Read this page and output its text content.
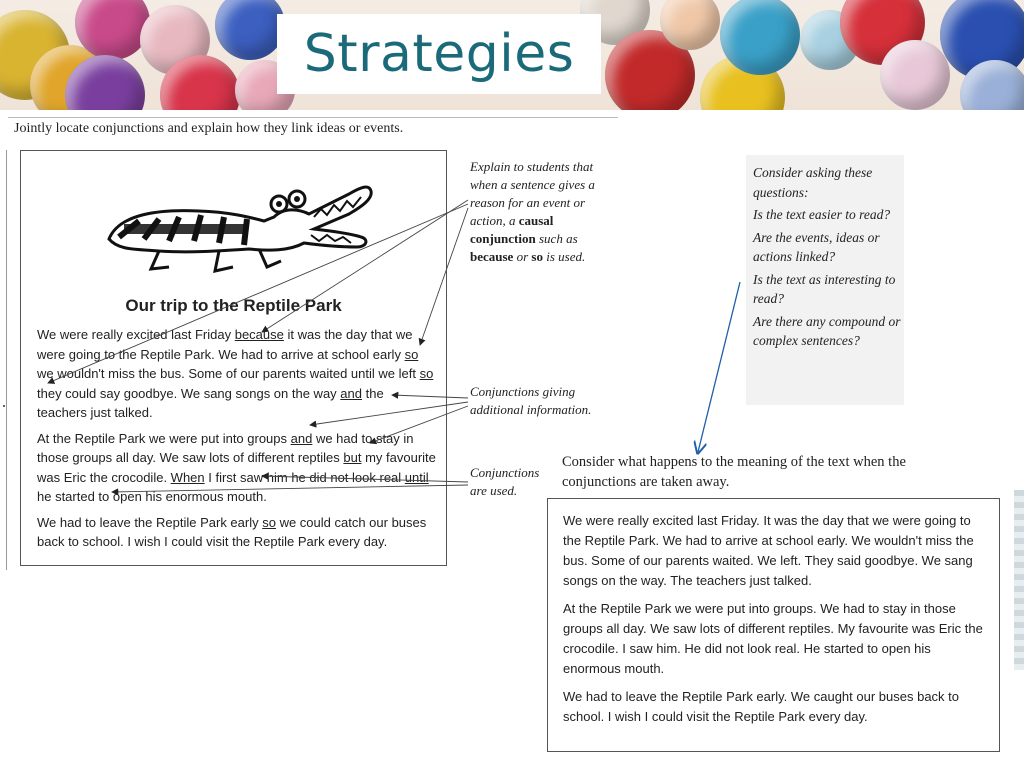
Strategies
Jointly locate conjunctions and explain how they link ideas or events.
Our trip to the Reptile Park

We were really excited last Friday because it was the day that we were going to the Reptile Park. We had to arrive at school early so we wouldn't miss the bus. Some of our parents waited until we left so they could say goodbye. We sang songs on the way and the teachers just talked.

At the Reptile Park we were put into groups and we had to stay in those groups all day. We saw lots of different reptiles but my favourite was Eric the crocodile. When I first saw him he did not look real until he started to open his enormous mouth.

We had to leave the Reptile Park early so we could catch our buses back to school. I wish I could visit the Reptile Park every day.

Explain to students that when a sentence gives a reason for an event or action, a causal conjunction such as because or so is used.
Conjunctions giving additional information.
Conjunctions are used.

Consider asking these questions:

Is the text easier to read?

Are the events, ideas or actions linked?

Is the text as interesting to read?

Are there any compound or complex sentences?

Consider what happens to the meaning of the text when the conjunctions are taken away.

We were really excited last Friday. It was the day that we were going to the Reptile Park. We had to arrive at school early. We wouldn't miss the bus. Some of our parents waited. We left. They said goodbye. We sang songs on the way. The teachers just talked.

At the Reptile Park we were put into groups. We had to stay in those groups all day. We saw lots of different reptiles. My favourite was Eric the crocodile. I saw him. He did not look real. He started to open his enormous mouth.

We had to leave the Reptile Park early. We caught our buses back to school. I wish I could visit the Reptile Park every day.
